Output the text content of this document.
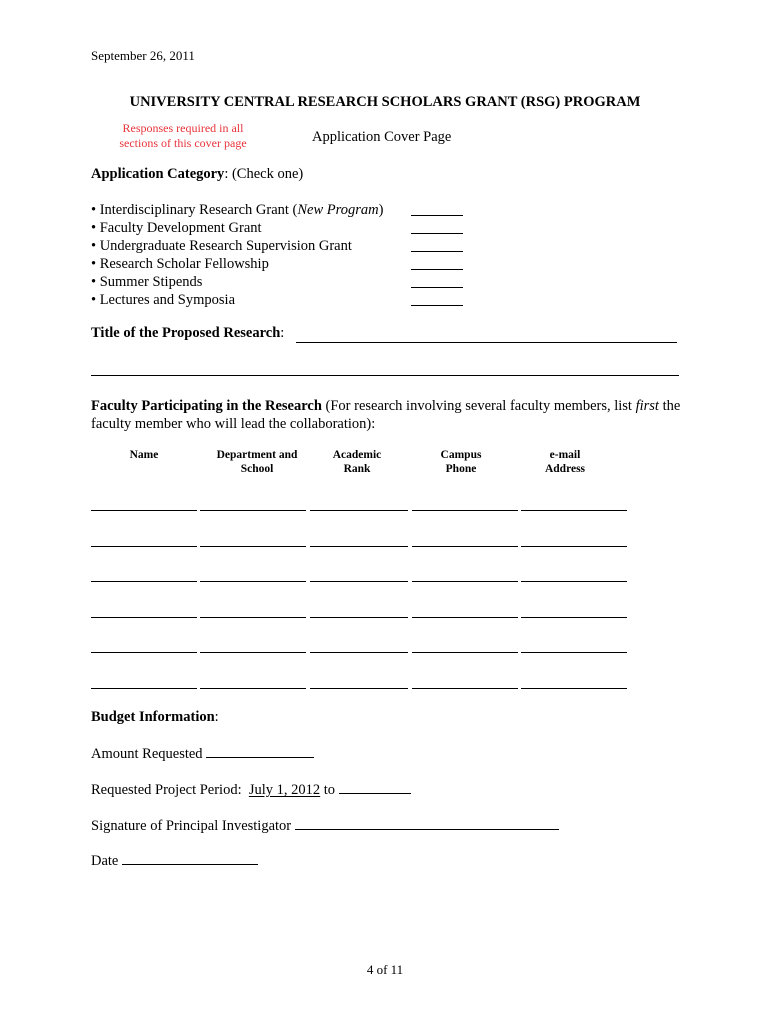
September 26, 2011
UNIVERSITY CENTRAL RESEARCH SCHOLARS GRANT (RSG) PROGRAM
Responses required in all sections of this cover page	Application Cover Page
Application Category: (Check one)
• Interdisciplinary Research Grant (New Program)
• Faculty Development Grant
• Undergraduate Research Supervision Grant
• Research Scholar Fellowship
• Summer Stipends
• Lectures and Symposia
Title of the Proposed Research:
Faculty Participating in the Research (For research involving several faculty members, list first the faculty member who will lead the collaboration):
Name	Department and School
Academic Rank
Campus Phone
e-mail Address
Budget Information:
Amount Requested
Requested Project Period: July 1, 2012 to
Signature of Principal Investigator
Date
4 of 11
